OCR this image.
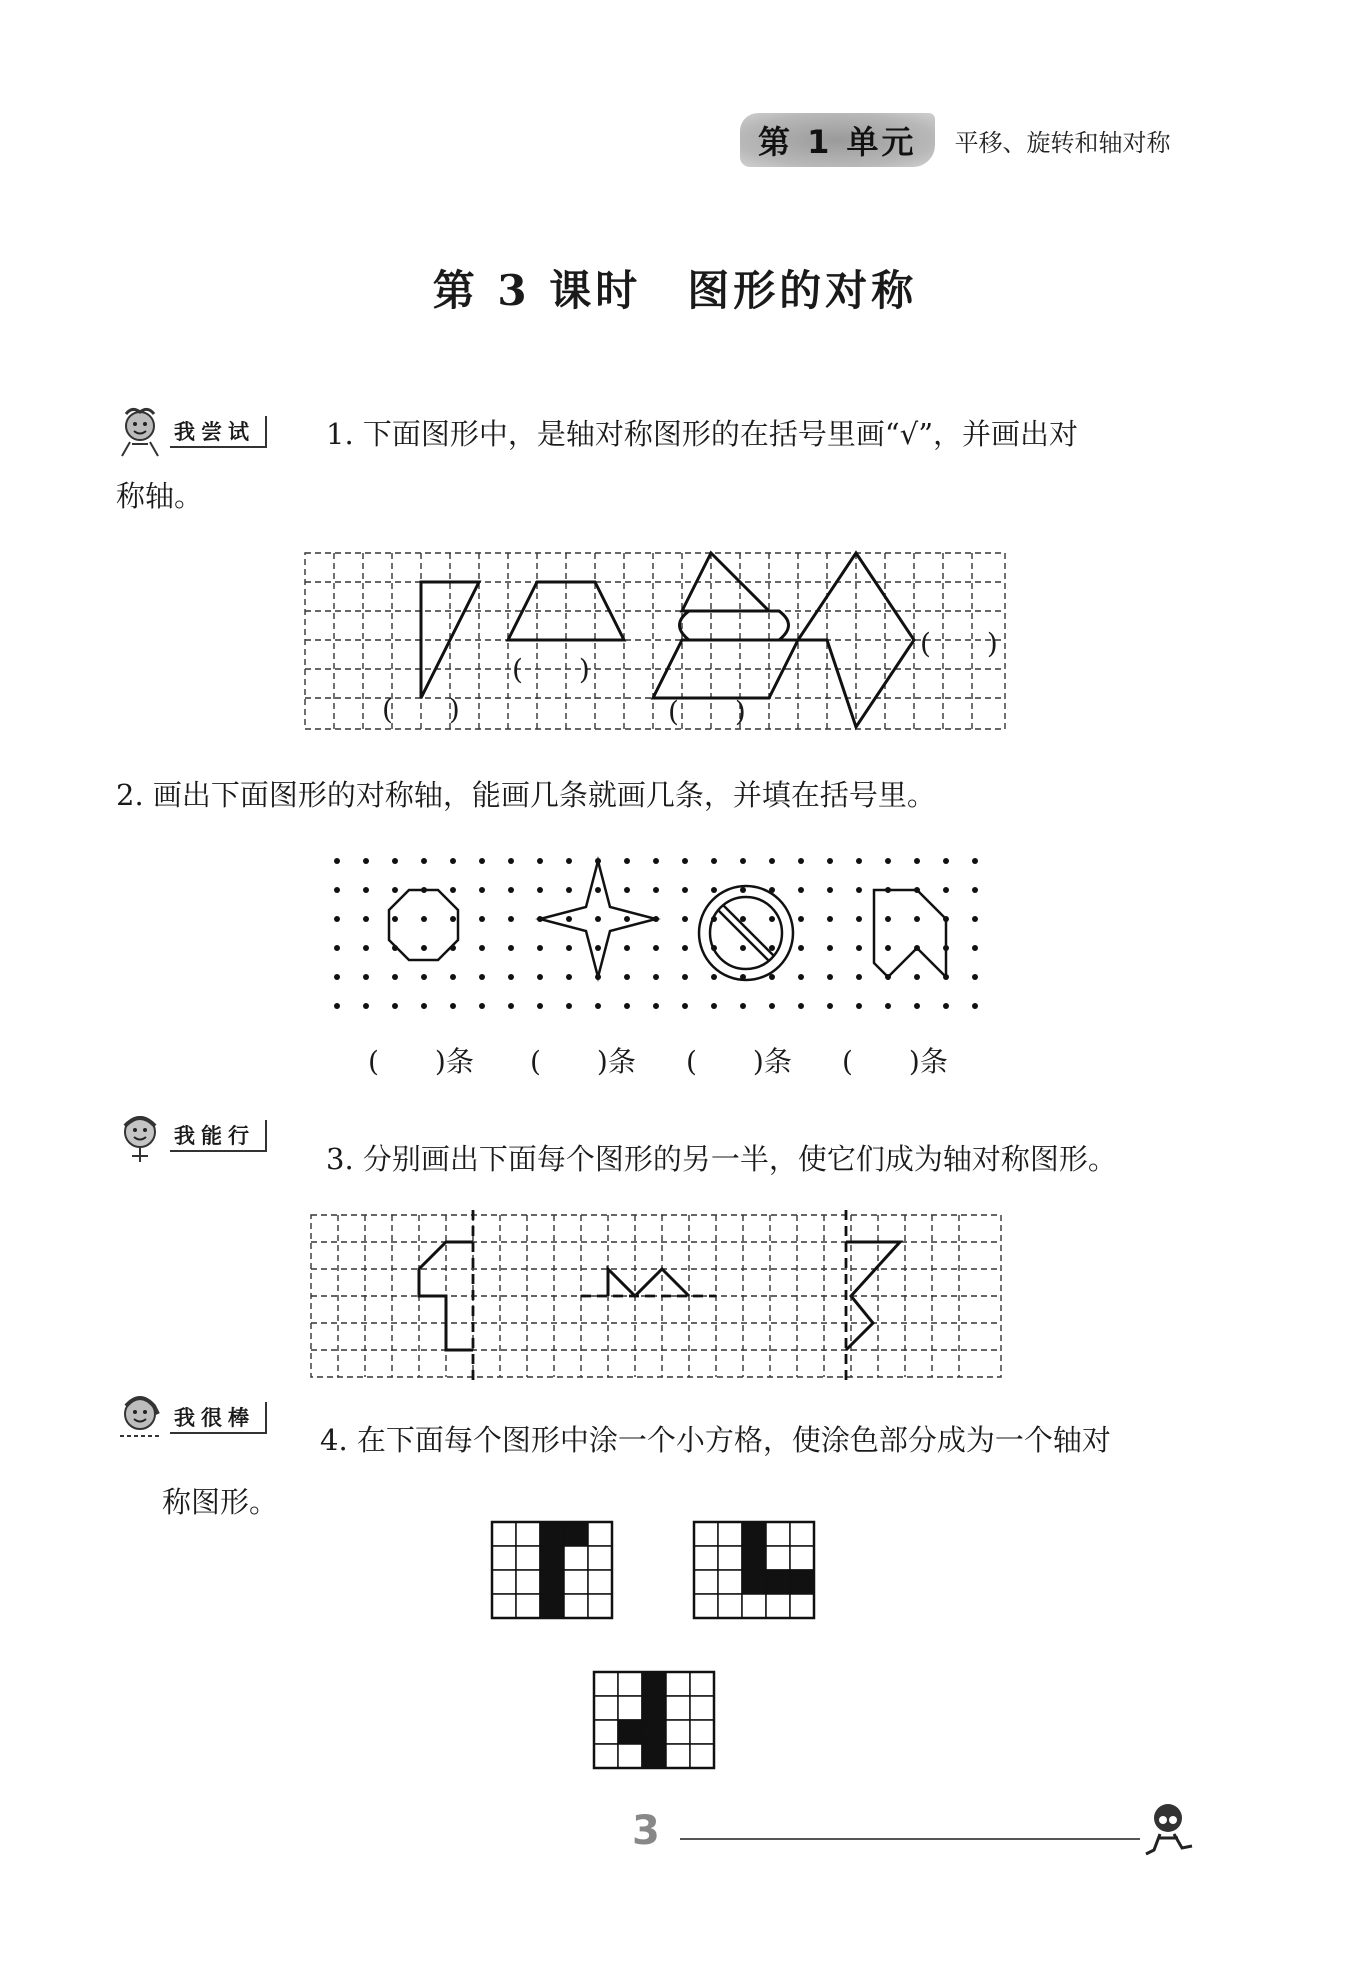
第 1 单元	平移、旋转和轴对称
第 3 课时　图形的对称
我尝试	1. 下面图形中，是轴对称图形的在括号里画“√”，并画出对
称轴。
(　　)
(　　)
(　　)
(　　)
2. 画出下面图形的对称轴，能画几条就画几条，并填在括号里。
(　　)条 (　　)条 (　　)条 (　　)条
我能行
3. 分别画出下面每个图形的另一半，使它们成为轴对称图形。
我很棒
4. 在下面每个图形中涂一个小方格，使涂色部分成为一个轴对
称图形。
3
